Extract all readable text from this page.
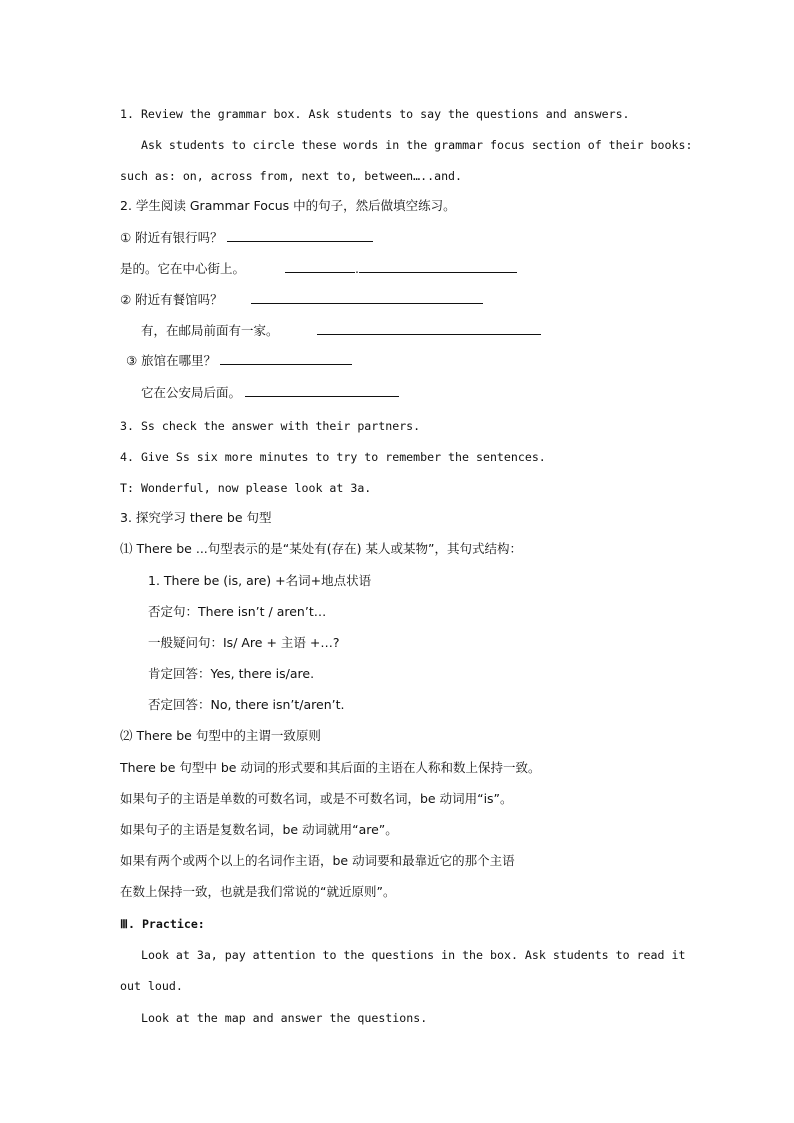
1. Review the grammar box. Ask students to say the questions and answers.
Ask students to circle these words in the grammar focus section of their books:
such as: on, across from, next to, between…..and.
2. 学生阅读 Grammar Focus 中的句子，然后做填空练习。
① 附近有银行吗？
是的。它在中心街上。	.
② 附近有餐馆吗？
有，在邮局前面有一家。
③ 旅馆在哪里？
它在公安局后面。
3. Ss check the answer with their partners.
4. Give Ss six more minutes to try to remember the sentences.
T: Wonderful, now please look at 3a.
3. 探究学习 there be 句型
⑴ There be ...句型表示的是“某处有(存在) 某人或某物”，其句式结构：
1. There be (is, are) +名词+地点状语
否定句：There isn’t / aren’t…
一般疑问句：Is/ Are + 主语 +…?
肯定回答：Yes, there is/are.
否定回答：No, there isn’t/aren’t.
⑵ There be 句型中的主谓一致原则
There be 句型中 be 动词的形式要和其后面的主语在人称和数上保持一致。
如果句子的主语是单数的可数名词，或是不可数名词，be 动词用“is”。
如果句子的主语是复数名词，be 动词就用“are”。
如果有两个或两个以上的名词作主语，be 动词要和最靠近它的那个主语
在数上保持一致，也就是我们常说的“就近原则”。
Ⅲ. Practice:
Look at 3a, pay attention to the questions in the box. Ask students to read it
out loud.
Look at the map and answer the questions.
